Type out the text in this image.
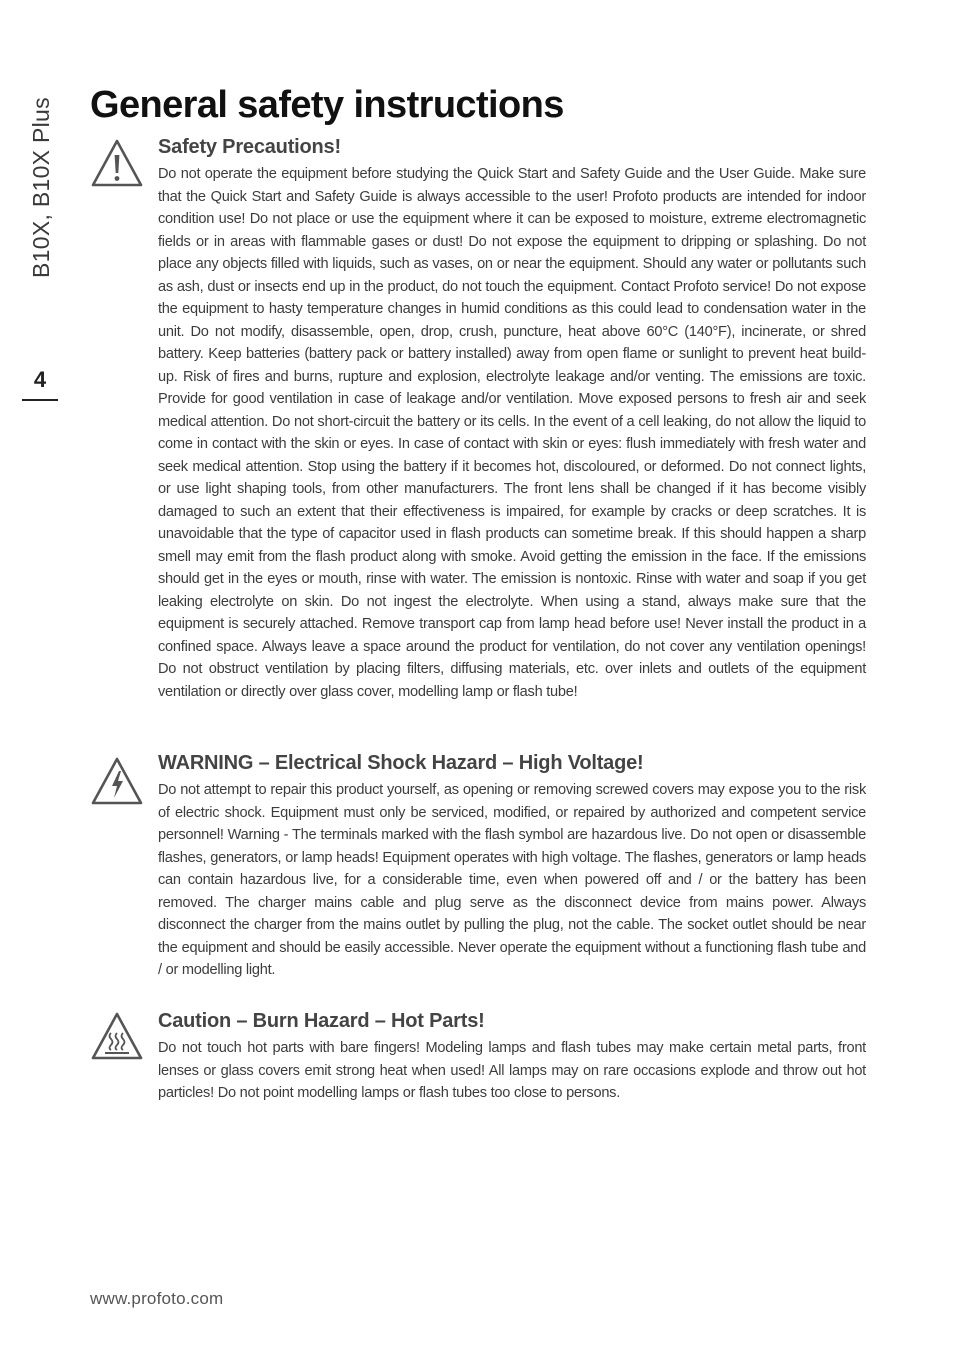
B10X, B10X Plus
4
General safety instructions
Safety Precautions!

Do not operate the equipment before studying the Quick Start and Safety Guide and the User Guide. Make sure that the Quick Start and Safety Guide is always accessible to the user! Profoto products are intended for indoor condition use! Do not place or use the equipment where it can be exposed to moisture, extreme electromagnetic fields or in areas with flammable gases or dust! Do not expose the equipment to dripping or splashing. Do not place any objects filled with liquids, such as vases, on or near the equipment. Should any water or pollutants such as ash, dust or insects end up in the product, do not touch the equipment. Contact Profoto service! Do not expose the equipment to hasty temperature changes in humid conditions as this could lead to condensation water in the unit. Do not modify, disassemble, open, drop, crush, puncture, heat above 60°C (140°F), incinerate, or shred battery. Keep batteries (battery pack or battery installed) away from open flame or sunlight to prevent heat build-up. Risk of fires and burns, rupture and explosion, electrolyte leakage and/or venting. The emissions are toxic. Provide for good ventilation in case of leakage and/or ventilation. Move exposed persons to fresh air and seek medical attention. Do not short-circuit the battery or its cells. In the event of a cell leaking, do not allow the liquid to come in contact with the skin or eyes. In case of contact with skin or eyes: flush immediately with fresh water and seek medical attention. Stop using the battery if it becomes hot, discoloured, or deformed. Do not connect lights, or use light shaping tools, from other manufacturers. The front lens shall be changed if it has become visibly damaged to such an extent that their effectiveness is impaired, for example by cracks or deep scratches. It is unavoidable that the type of capacitor used in flash products can sometime break. If this should happen a sharp smell may emit from the flash product along with smoke. Avoid getting the emission in the face. If the emissions should get in the eyes or mouth, rinse with water. The emission is nontoxic. Rinse with water and soap if you get leaking electrolyte on skin. Do not ingest the electrolyte. When using a stand, always make sure that the equipment is securely attached. Remove transport cap from lamp head before use! Never install the product in a confined space. Always leave a space around the product for ventilation, do not cover any ventilation openings! Do not obstruct ventilation by placing filters, diffusing materials, etc. over inlets and outlets of the equipment ventilation or directly over glass cover, modelling lamp or flash tube!

WARNING – Electrical Shock Hazard – High Voltage!

Do not attempt to repair this product yourself, as opening or removing screwed covers may expose you to the risk of electric shock. Equipment must only be serviced, modified, or repaired by authorized and competent service personnel! Warning - The terminals marked with the flash symbol are hazardous live. Do not open or disassemble flashes, generators, or lamp heads! Equipment operates with high voltage. The flashes, generators or lamp heads can contain hazardous live, for a considerable time, even when powered off and / or the battery has been removed. The charger mains cable and plug serve as the disconnect device from mains power. Always disconnect the charger from the mains outlet by pulling the plug, not the cable. The socket outlet should be near the equipment and should be easily accessible. Never operate the equipment without a functioning flash tube and / or modelling light.

Caution – Burn Hazard – Hot Parts!

Do not touch hot parts with bare fingers! Modeling lamps and flash tubes may make certain metal parts, front lenses or glass covers emit strong heat when used! All lamps may on rare occasions explode and throw out hot particles! Do not point modelling lamps or flash tubes too close to persons.

www.profoto.com
